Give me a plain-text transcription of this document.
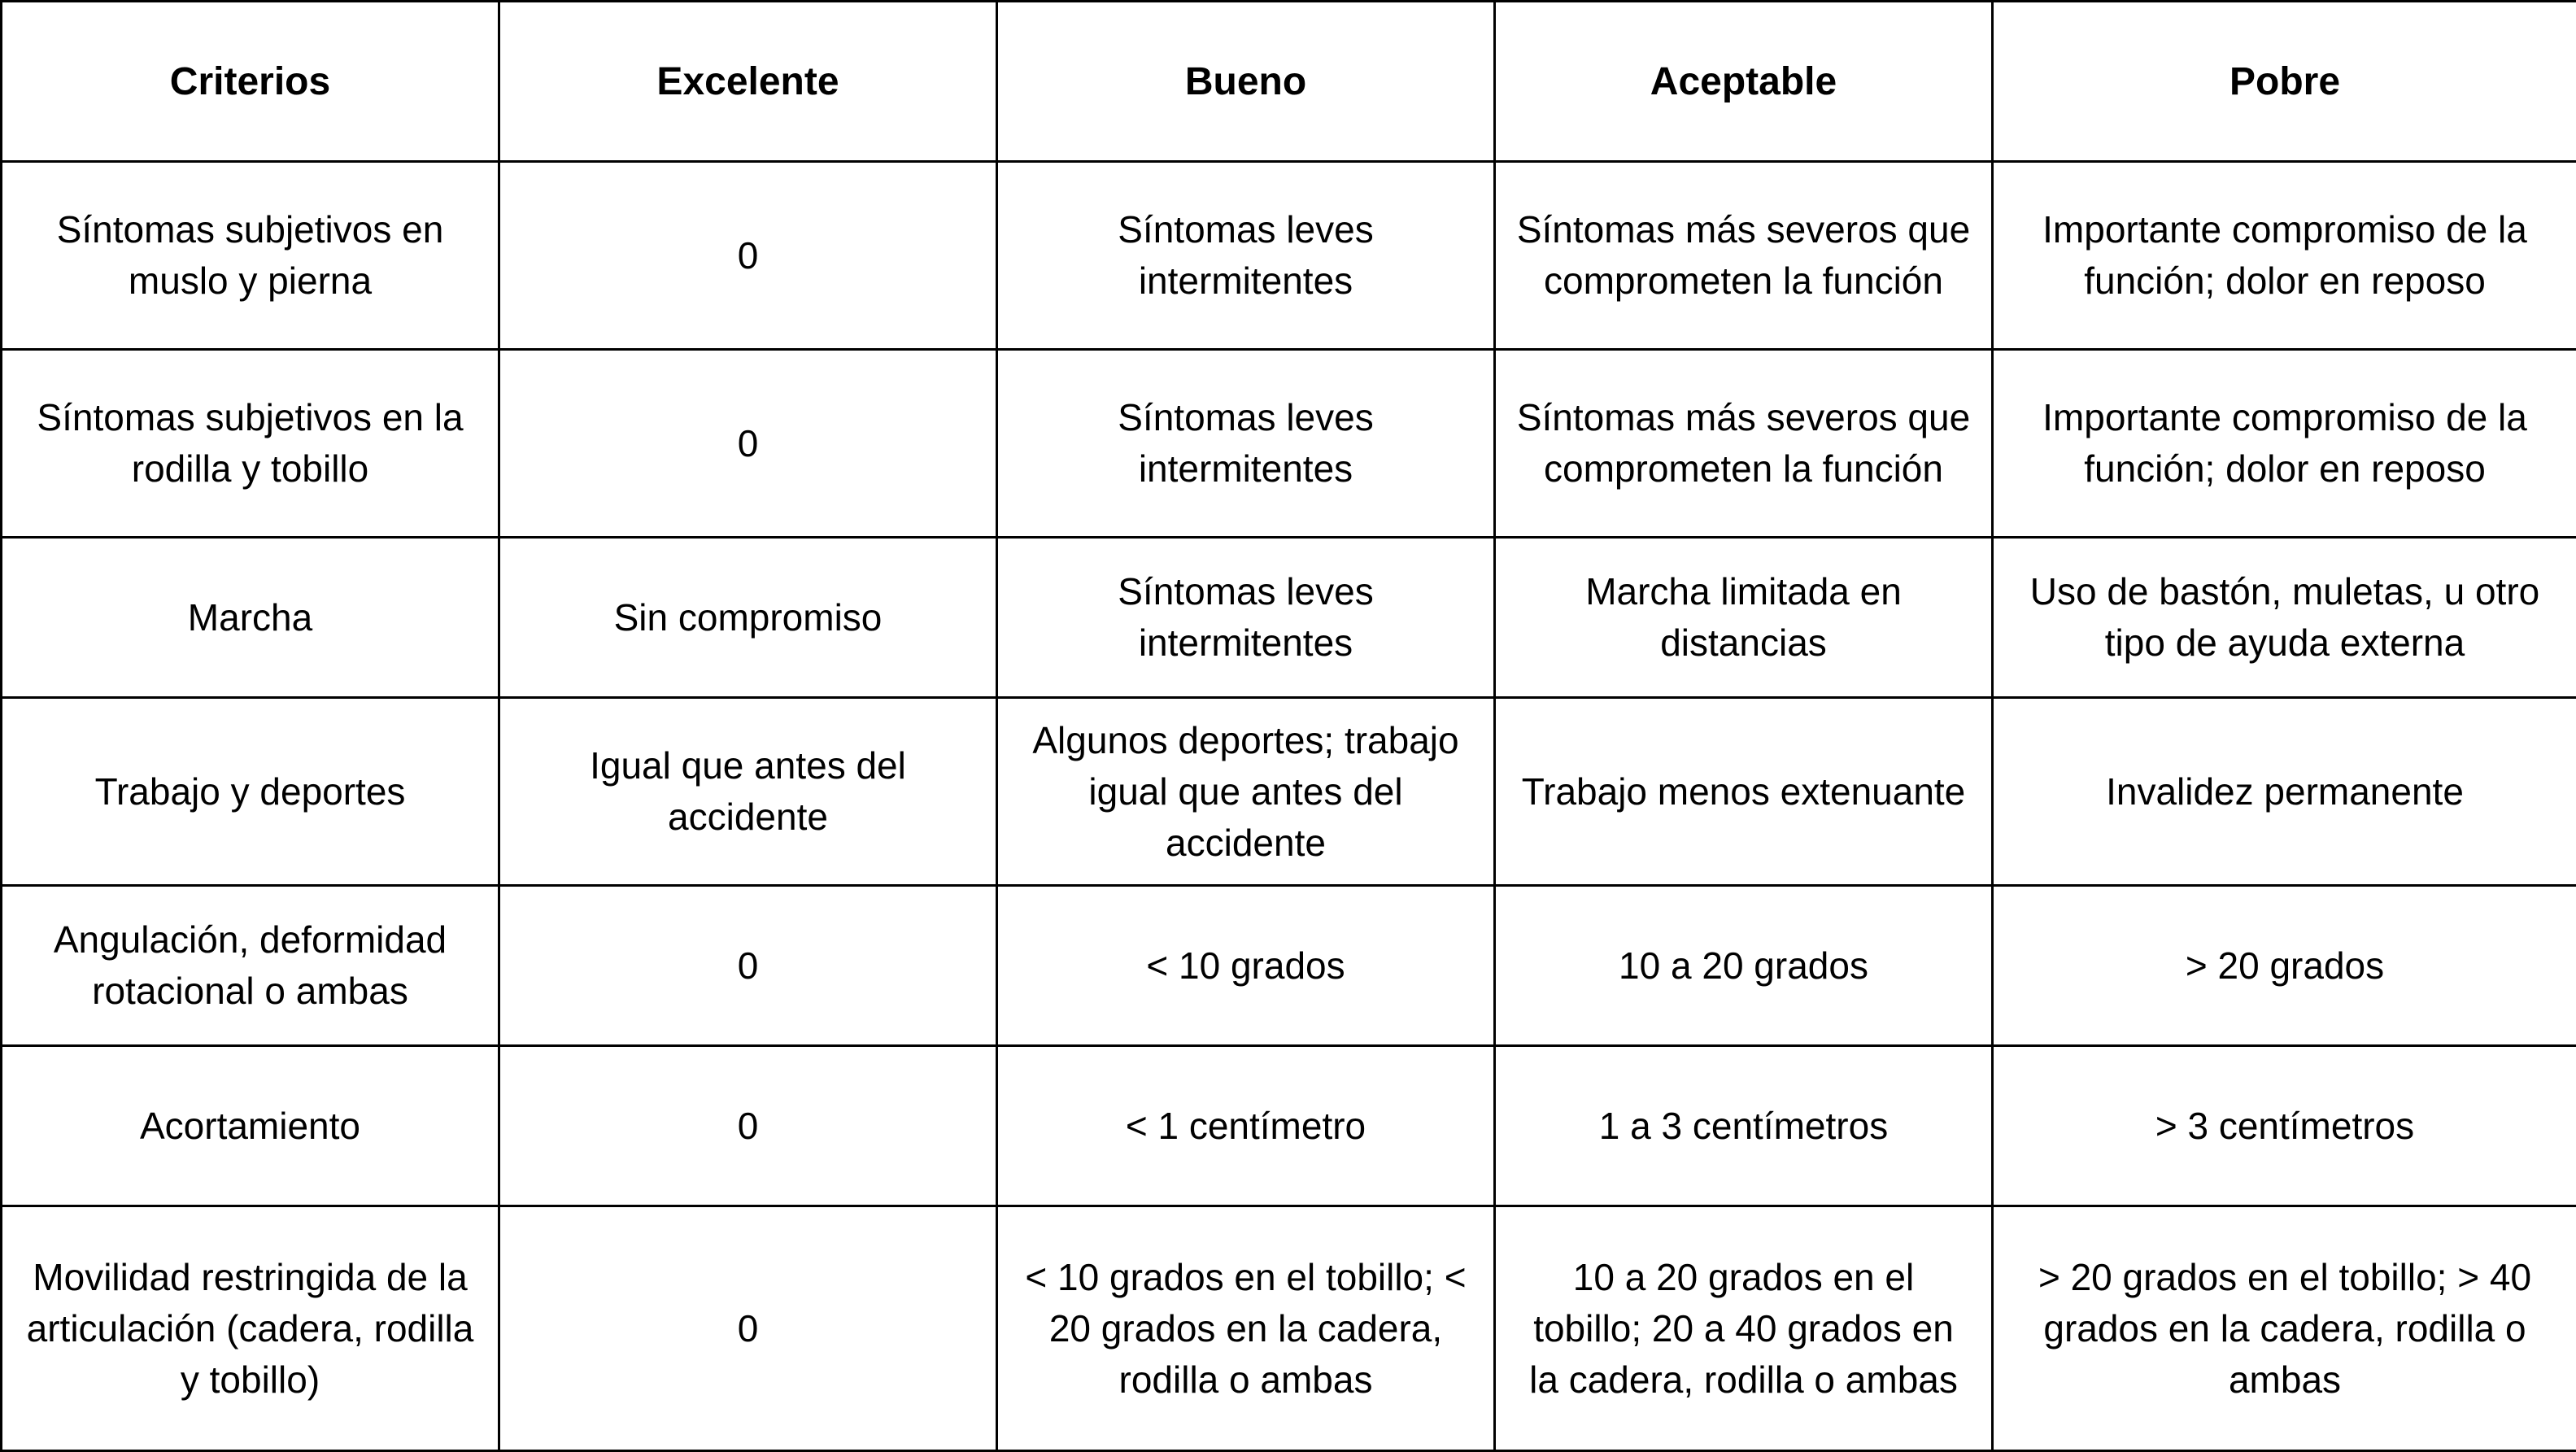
Criterios	Excelente	Bueno	Aceptable	Pobre
Síntomas subjetivos en muslo y pierna	0	Síntomas leves intermitentes	Síntomas más severos que comprometen la función	Importante compromiso de la función; dolor en reposo
Síntomas subjetivos en la rodilla y tobillo	0	Síntomas leves intermitentes	Síntomas más severos que comprometen la función	Importante compromiso de la función; dolor en reposo
Marcha	Sin compromiso	Síntomas leves intermitentes	Marcha limitada en distancias	Uso de bastón, muletas, u otro tipo de ayuda externa
Trabajo y deportes	Igual que antes del accidente	Algunos deportes; trabajo igual que antes del accidente	Trabajo menos extenuante	Invalidez permanente
Angulación, deformidad rotacional o ambas	0	< 10 grados	10 a 20 grados	> 20 grados
Acortamiento	0	< 1 centímetro	1 a 3 centímetros	> 3 centímetros
Movilidad restringida de la articulación (cadera, rodilla y tobillo)	0	< 10 grados en el tobillo; < 20 grados en la cadera, rodilla o ambas	10 a 20 grados en el tobillo; 20 a 40 grados en la cadera, rodilla o ambas	> 20 grados en el tobillo; > 40 grados en la cadera, rodilla o ambas
